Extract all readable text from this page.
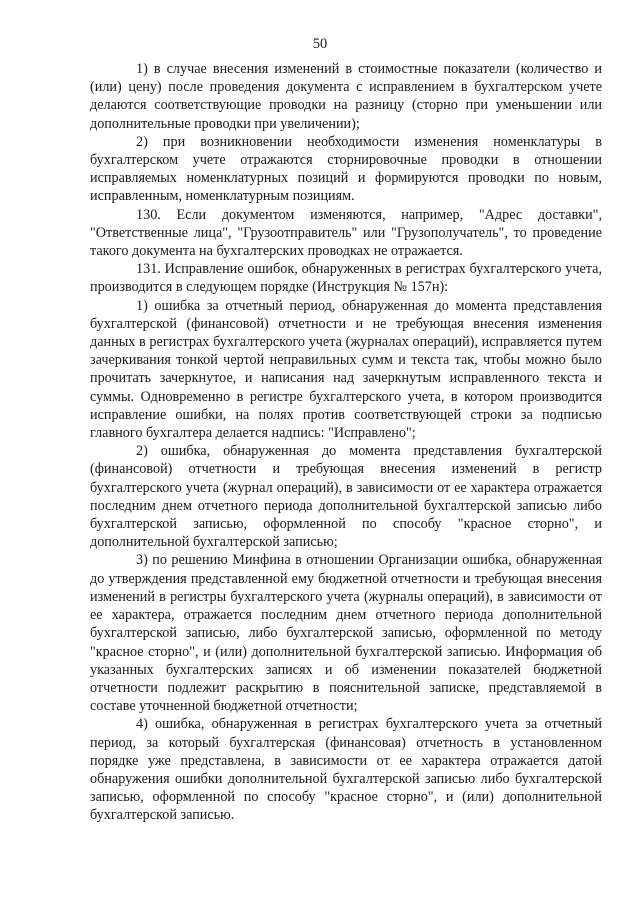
50

1) в случае внесения изменений в стоимостные показатели (количество и (или) цену) после проведения документа с исправлением в бухгалтерском учете делаются соответствующие проводки на разницу (сторно при уменьшении или дополнительные проводки при увеличении);

2) при возникновении необходимости изменения номенклатуры в бухгалтерском учете отражаются сторнировочные проводки в отношении исправляемых номенклатурных позиций и формируются проводки по новым, исправленным, номенклатурным позициям.

130. Если документом изменяются, например, "Адрес доставки", "Ответственные лица", "Грузоотправитель" или "Грузополучатель", то проведение такого документа на бухгалтерских проводках не отражается.

131. Исправление ошибок, обнаруженных в регистрах бухгалтерского учета, производится в следующем порядке (Инструкция № 157н):

1) ошибка за отчетный период, обнаруженная до момента представления бухгалтерской (финансовой) отчетности и не требующая внесения изменения данных в регистрах бухгалтерского учета (журналах операций), исправляется путем зачеркивания тонкой чертой неправильных сумм и текста так, чтобы можно было прочитать зачеркнутое, и написания над зачеркнутым исправленного текста и суммы. Одновременно в регистре бухгалтерского учета, в котором производится исправление ошибки, на полях против соответствующей строки за подписью главного бухгалтера делается надпись: "Исправлено";

2) ошибка, обнаруженная до момента представления бухгалтерской (финансовой) отчетности и требующая внесения изменений в регистр бухгалтерского учета (журнал операций), в зависимости от ее характера отражается последним днем отчетного периода дополнительной бухгалтерской записью либо бухгалтерской записью, оформленной по способу "красное сторно", и дополнительной бухгалтерской записью;

3) по решению Минфина в отношении Организации ошибка, обнаруженная до утверждения представленной ему бюджетной отчетности и требующая внесения изменений в регистры бухгалтерского учета (журналы операций), в зависимости от ее характера, отражается последним днем отчетного периода дополнительной бухгалтерской записью, либо бухгалтерской записью, оформленной по методу "красное сторно", и (или) дополнительной бухгалтерской записью. Информация об указанных бухгалтерских записях и об изменении показателей бюджетной отчетности подлежит раскрытию в пояснительной записке, представляемой в составе уточненной бюджетной отчетности;

4) ошибка, обнаруженная в регистрах бухгалтерского учета за отчетный период, за который бухгалтерская (финансовая) отчетность в установленном порядке уже представлена, в зависимости от ее характера отражается датой обнаружения ошибки дополнительной бухгалтерской записью либо бухгалтерской записью, оформленной по способу "красное сторно", и (или) дополнительной бухгалтерской записью.
